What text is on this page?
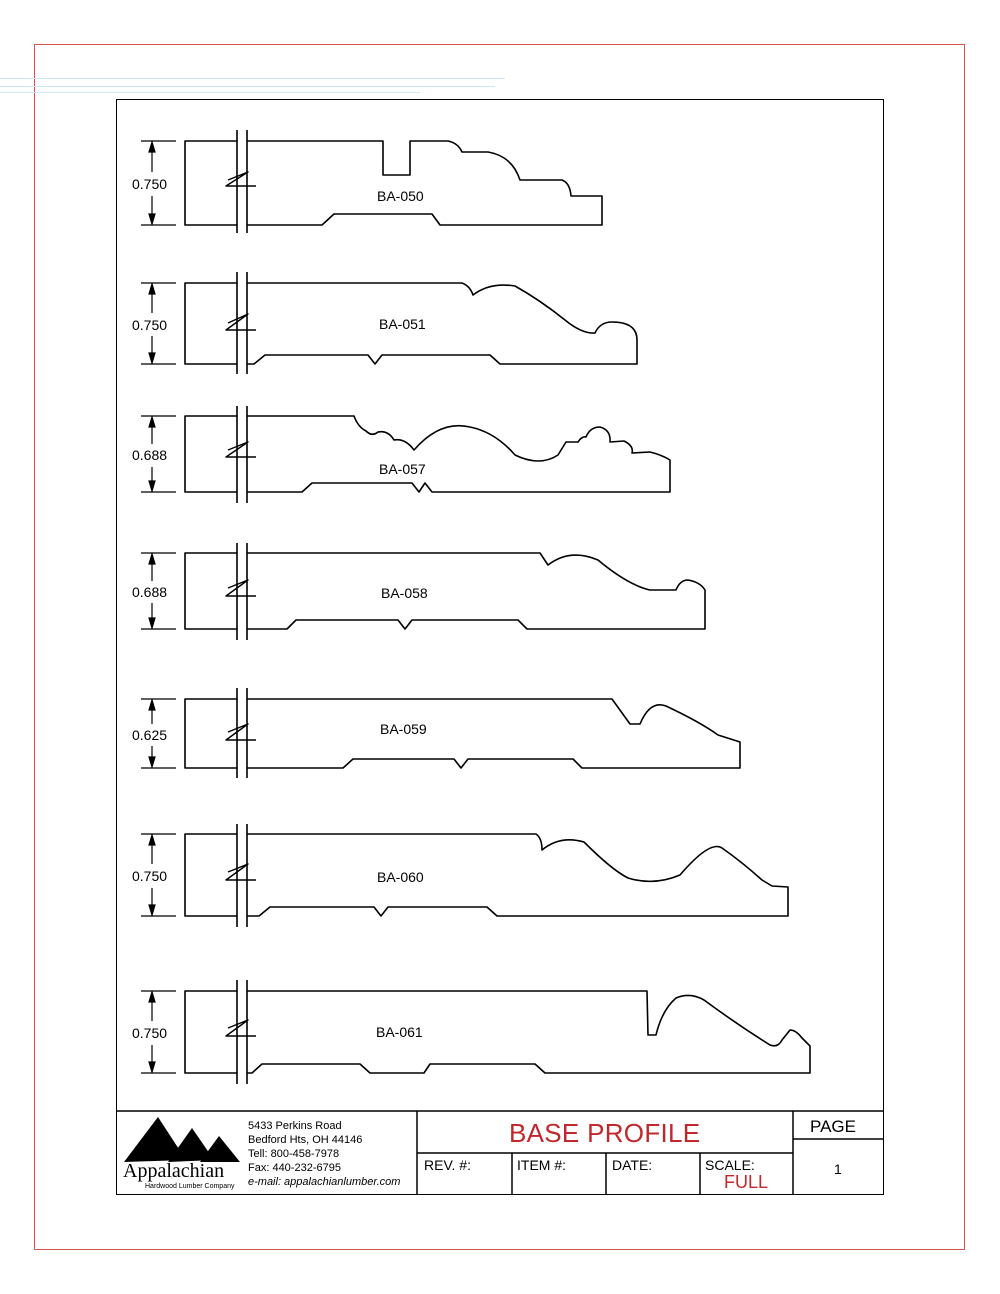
0.750
0.750
0.688
0.688
0.625
0.750
0.750
BA-050
BA-051
BA-057
BA-058
BA-059
BA-060
BA-061
Appalachian
Hardwood Lumber Company
5433 Perkins Road
Bedford Hts, OH 44146
Tell: 800-458-7978
Fax: 440-232-6795
e-mail: appalachianlumber.com
BASE PROFILE	PAGE
1
REV. #:	ITEM #:	DATE:	SCALE:
FULL
